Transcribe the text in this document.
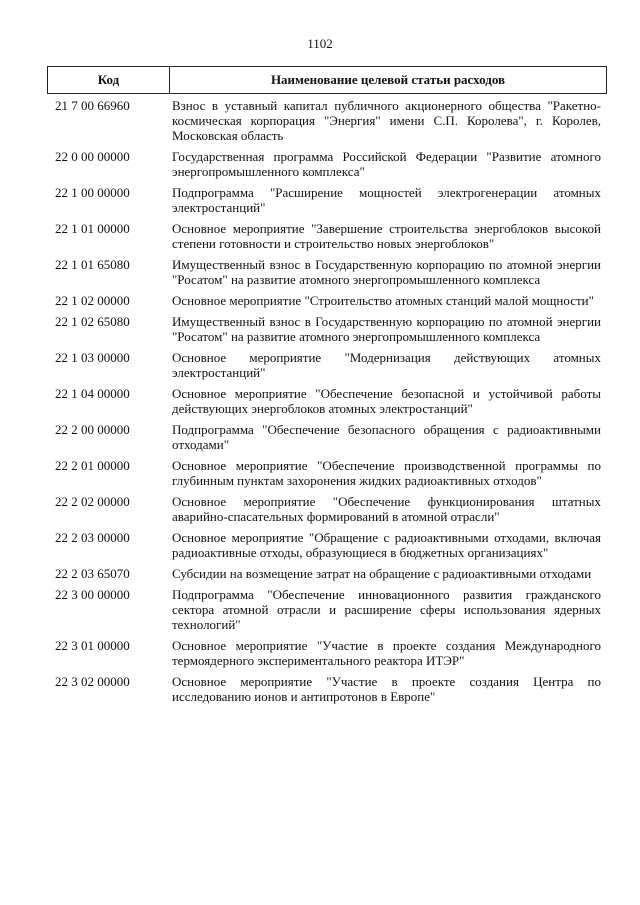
1102
Код	Наименование целевой статьи расходов
21 7 00 66960	Взнос в уставный капитал публичного акционерного общества "Ракетно-космическая корпорация "Энергия" имени С.П. Королева", г. Королев, Московская область
22 0 00 00000	Государственная программа Российской Федерации "Развитие атомного энергопромышленного комплекса"
22 1 00 00000	Подпрограмма "Расширение мощностей электрогенерации атомных электростанций"
22 1 01 00000	Основное мероприятие "Завершение строительства энергоблоков высокой степени готовности и строительство новых энергоблоков"
22 1 01 65080	Имущественный взнос в Государственную корпорацию по атомной энергии "Росатом" на развитие атомного энергопромышленного комплекса
22 1 02 00000	Основное мероприятие "Строительство атомных станций малой мощности"
22 1 02 65080	Имущественный взнос в Государственную корпорацию по атомной энергии "Росатом" на развитие атомного энергопромышленного комплекса
22 1 03 00000	Основное мероприятие "Модернизация действующих атомных электростанций"
22 1 04 00000	Основное мероприятие "Обеспечение безопасной и устойчивой работы действующих энергоблоков атомных электростанций"
22 2 00 00000	Подпрограмма "Обеспечение безопасного обращения с радиоактивными отходами"
22 2 01 00000	Основное мероприятие "Обеспечение производственной программы по глубинным пунктам захоронения жидких радиоактивных отходов"
22 2 02 00000	Основное мероприятие "Обеспечение функционирования штатных аварийно-спасательных формирований в атомной отрасли"
22 2 03 00000	Основное мероприятие "Обращение с радиоактивными отходами, включая радиоактивные отходы, образующиеся в бюджетных организациях"
22 2 03 65070	Субсидии на возмещение затрат на обращение с радиоактивными отходами
22 3 00 00000	Подпрограмма "Обеспечение инновационного развития гражданского сектора атомной отрасли и расширение сферы использования ядерных технологий"
22 3 01 00000	Основное мероприятие "Участие в проекте создания Международного термоядерного экспериментального реактора ИТЭР"
22 3 02 00000	Основное мероприятие "Участие в проекте создания Центра по исследованию ионов и антипротонов в Европе"
